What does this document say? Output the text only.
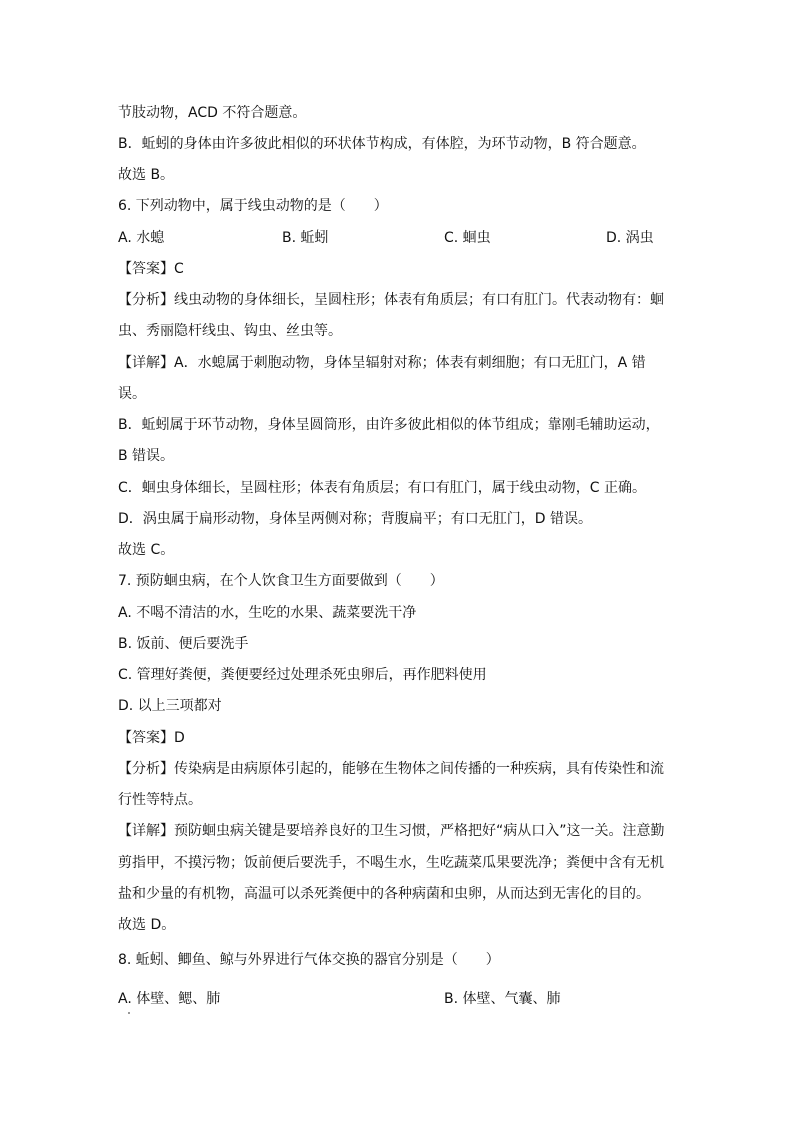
节肢动物，ACD 不符合题意。
B．蚯蚓的身体由许多彼此相似的环状体节构成，有体腔，为环节动物，B 符合题意。
故选 B。
6. 下列动物中，属于线虫动物的是（　　）
A. 水螅	B. 蚯蚓	C. 蛔虫	D. 涡虫
【答案】C
【分析】线虫动物的身体细长，呈圆柱形；体表有角质层；有口有肛门。代表动物有：蛔
虫、秀丽隐杆线虫、钩虫、丝虫等。
【详解】A．水螅属于刺胞动物，身体呈辐射对称；体表有刺细胞；有口无肛门，A 错
误。
B．蚯蚓属于环节动物，身体呈圆筒形，由许多彼此相似的体节组成；靠刚毛辅助运动，
B 错误。
C．蛔虫身体细长，呈圆柱形；体表有角质层；有口有肛门，属于线虫动物，C 正确。
D．涡虫属于扁形动物，身体呈两侧对称；背腹扁平；有口无肛门，D 错误。
故选 C。
7. 预防蛔虫病，在个人饮食卫生方面要做到（　　）
A. 不喝不清洁的水，生吃的水果、蔬菜要洗干净
B. 饭前、便后要洗手
C. 管理好粪便，粪便要经过处理杀死虫卵后，再作肥料使用
D. 以上三项都对
【答案】D
【分析】传染病是由病原体引起的，能够在生物体之间传播的一种疾病，具有传染性和流
行性等特点。
【详解】预防蛔虫病关键是要培养良好的卫生习惯，严格把好“病从口入”这一关。注意勤
剪指甲，不摸污物；饭前便后要洗手，不喝生水，生吃蔬菜瓜果要洗净；粪便中含有无机
盐和少量的有机物，高温可以杀死粪便中的各种病菌和虫卵，从而达到无害化的目的。
故选 D。
8. 蚯蚓、鲫鱼、鲸与外界进行气体交换的器官分别是（　　）
A. 体壁、鳃、肺	B. 体壁、气囊、肺
